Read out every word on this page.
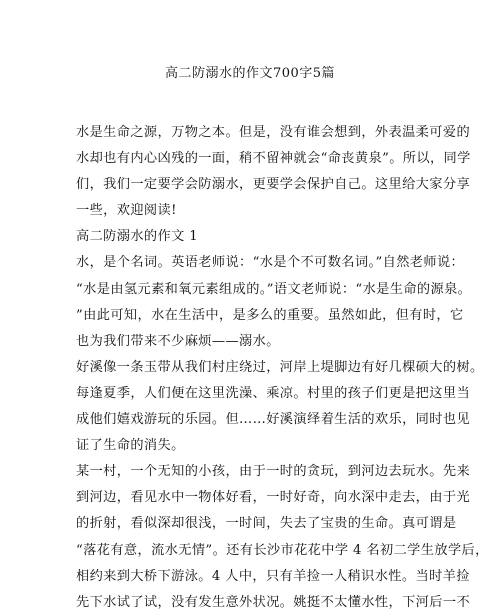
高二防溺水的作文700字5篇
水是生命之源，万物之本。但是，没有谁会想到，外表温柔可爱的
水却也有内心凶残的一面，稍不留神就会“命丧黄泉”。所以，同学
们，我们一定要学会防溺水，更要学会保护自己。这里给大家分享
一些，欢迎阅读!
高二防溺水的作文 1
水，是个名词。英语老师说：“水是个不可数名词。”自然老师说：
“水是由氢元素和氧元素组成的。”语文老师说：“水是生命的源泉。
”由此可知，水在生活中，是多么的重要。虽然如此，但有时，它
也为我们带来不少麻烦——溺水。
好溪像一条玉带从我们村庄绕过，河岸上堤脚边有好几棵硕大的树。
每逢夏季，人们便在这里洗澡、乘凉。村里的孩子们更是把这里当
成他们嬉戏游玩的乐园。但……好溪演绎着生活的欢乐，同时也见
证了生命的消失。
某一村，一个无知的小孩，由于一时的贪玩，到河边去玩水。先来
到河边，看见水中一物体好看，一时好奇，向水深中走去，由于光
的折射，看似深却很浅，一时间，失去了宝贵的生命。真可谓是
“落花有意，流水无情”。还有长沙市花花中学 4 名初二学生放学后，
相约来到大桥下游泳。4 人中，只有羊捡一人稍识水性。当时羊捡
先下水试了试，没有发生意外状况。姚挺不太懂水性，下河后一不
